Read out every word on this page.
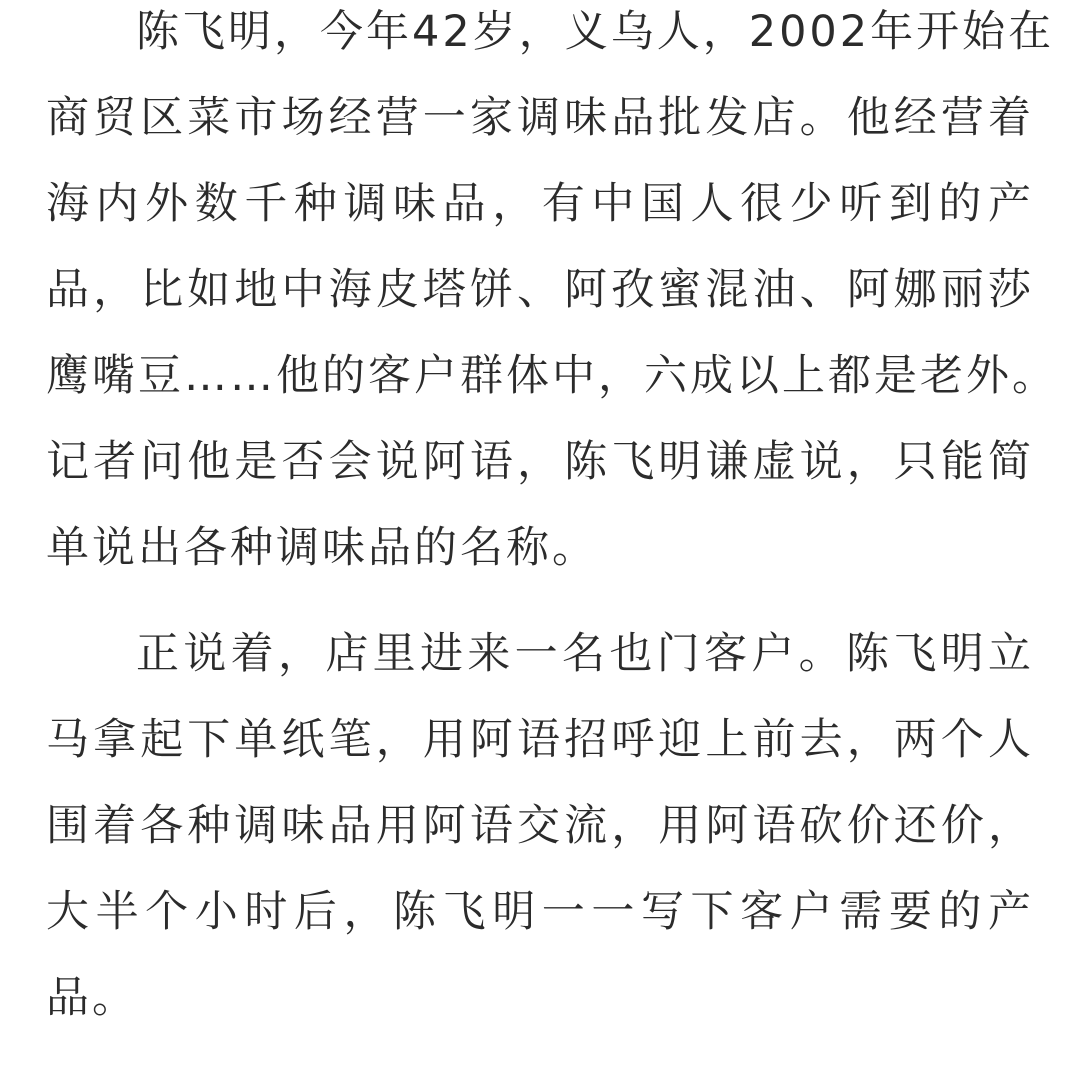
陈飞明，今年42岁，义乌人，2002年开始在
商贸区菜市场经营一家调味品批发店。他经营着
海内外数千种调味品，有中国人很少听到的产
品，比如地中海皮塔饼、阿孜蜜混油、阿娜丽莎
鹰嘴豆……他的客户群体中，六成以上都是老外。
记者问他是否会说阿语，陈飞明谦虚说，只能简
单说出各种调味品的名称。
正说着，店里进来一名也门客户。陈飞明立
马拿起下单纸笔，用阿语招呼迎上前去，两个人
围着各种调味品用阿语交流，用阿语砍价还价，
大半个小时后，陈飞明一一写下客户需要的产
品。
